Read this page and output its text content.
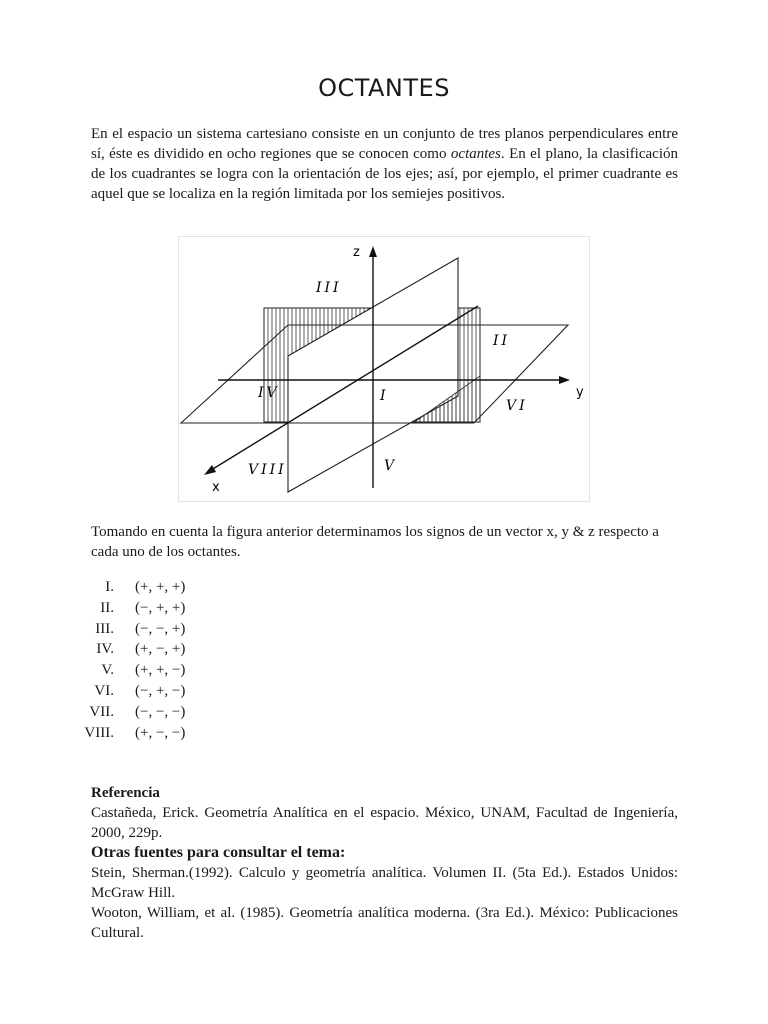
OCTANTES

En el espacio un sistema cartesiano consiste en un conjunto de tres planos perpendiculares entre sí, éste es dividido en ocho regiones que se conocen como octantes. En el plano, la clasificación de los cuadrantes se logra con la orientación de los ejes; así, por ejemplo, el primer cuadrante es aquel que se localiza en la región limitada por los semiejes positivos.

z
y
x
III
II
IV	I
VI
VIII	V

Tomando en cuenta la figura anterior determinamos los signos de un vector x, y & z respecto a cada uno de los octantes.

I. (+, +, +)
II. (−, +, +)
III. (−, −, +)
IV. (+, −, +)
V. (+, +, −)
VI. (−, +, −)
VII. (−, −, −)
VIII. (+, −, −)
Referencia

Castañeda, Erick. Geometría Analítica en el espacio. México, UNAM, Facultad de Ingeniería, 2000, 229p.

Otras fuentes para consultar el tema:

Stein, Sherman.(1992). Calculo y geometría analítica. Volumen II. (5ta Ed.). Estados Unidos: McGraw Hill.

Wooton, William, et al. (1985). Geometría analítica moderna. (3ra Ed.). México: Publicaciones Cultural.
